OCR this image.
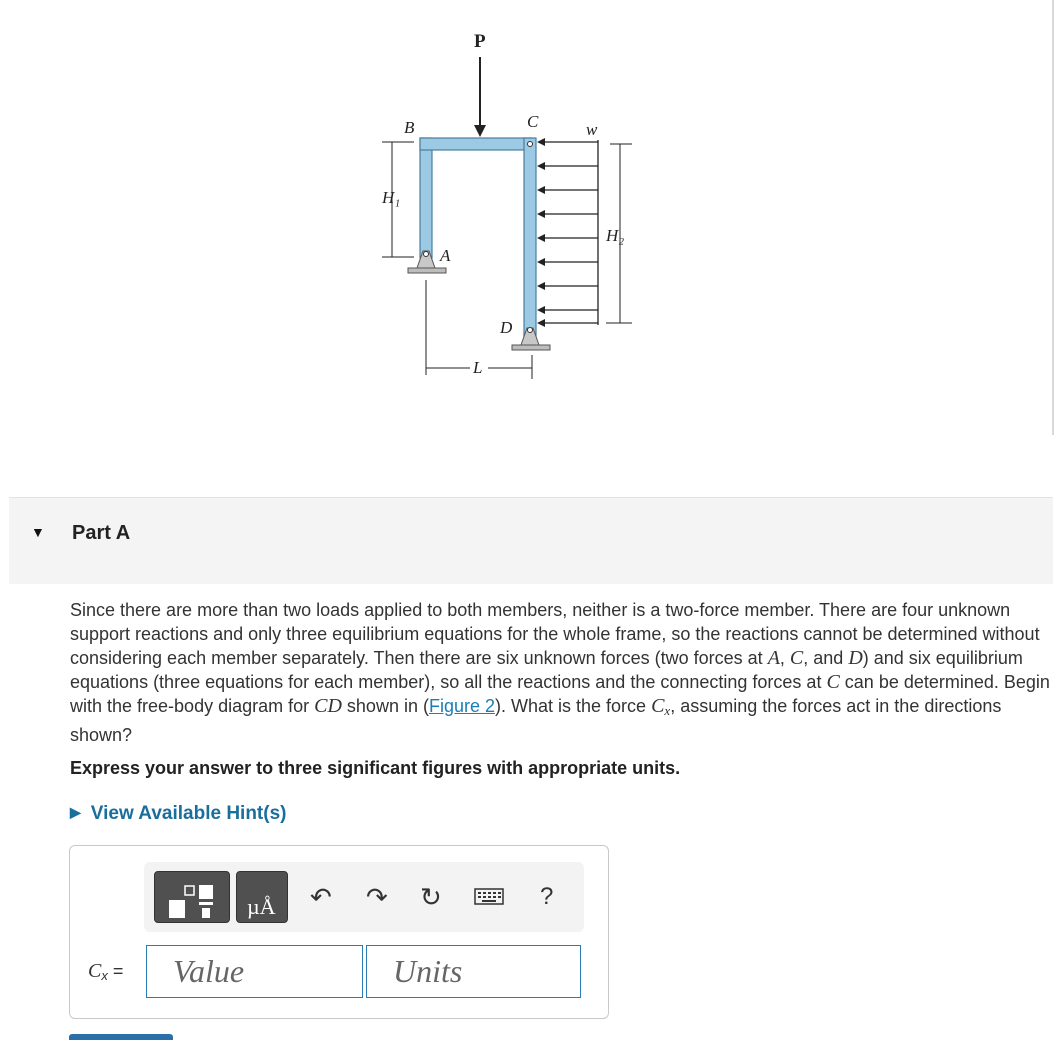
P
B	C	w
H₂
H₁
A
D
L
▼ Part A
Since there are more than two loads applied to both members, neither is a two-force member. There are four unknown support reactions and only three equilibrium equations for the whole frame, so the reactions cannot be determined without considering each member separately. Then there are six unknown forces (two forces at A, C, and D) and six equilibrium equations (three equations for each member), so all the reactions and the connecting forces at C can be determined. Begin with the free-body diagram for CD shown in (Figure 2). What is the force $C_x$, assuming the forces act in the directions shown?
Express your answer to three significant figures with appropriate units.
▶ View Available Hint(s)
µÅ ↶ ↷ ↻	?
$C_x$ =	Value	Units
